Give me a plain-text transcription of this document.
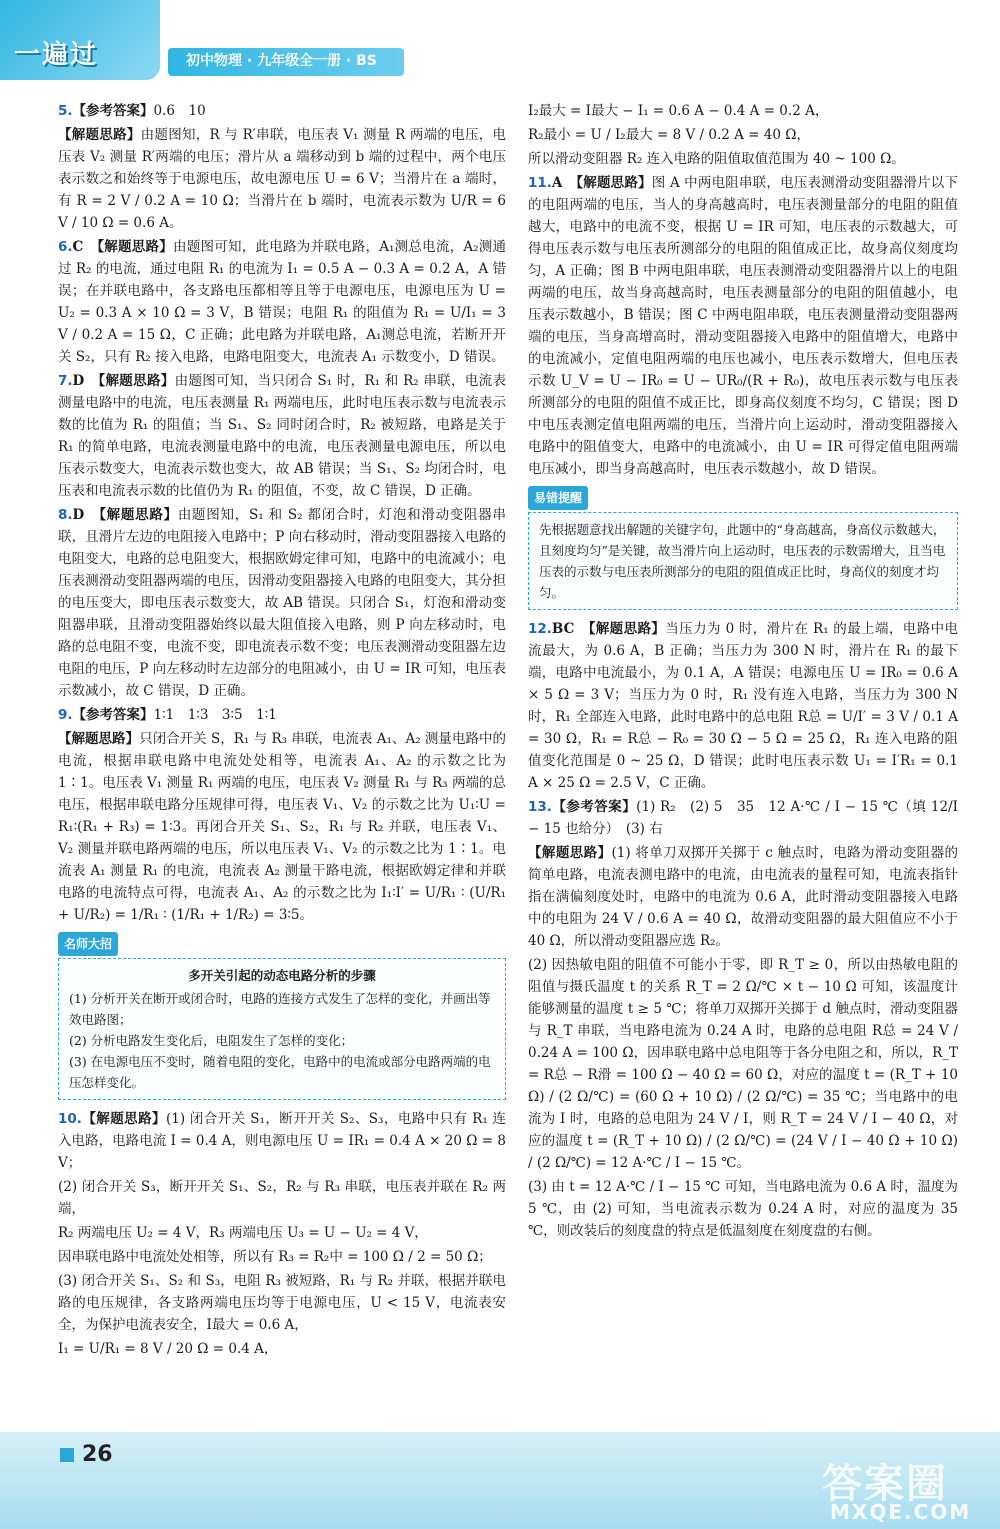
一遍过	初中物理 · 九年级全一册 · BS

5.【参考答案】0.6　10

【解题思路】由题图知，R 与 R′串联，电压表 V₁ 测量 R 两端的电压，电压表 V₂ 测量 R′两端的电压；滑片从 a 端移动到 b 端的过程中，两个电压表示数之和始终等于电源电压，故电源电压 U = 6 V；当滑片在 a 端时，有 R = 2 V / 0.2 A = 10 Ω；当滑片在 b 端时，电流表示数为 U/R = 6 V / 10 Ω = 0.6 A。

6.C　【解题思路】由题图可知，此电路为并联电路，A₁测总电流，A₂测通过 R₂ 的电流，通过电阻 R₁ 的电流为 I₁ = 0.5 A − 0.3 A = 0.2 A，A 错误；在并联电路中，各支路电压都相等且等于电源电压，电源电压为 U = U₂ = 0.3 A × 10 Ω = 3 V，B 错误；电阻 R₁ 的阻值为 R₁ = U/I₁ = 3 V / 0.2 A = 15 Ω，C 正确；此电路为并联电路，A₁测总电流，若断开开关 S₂，只有 R₂ 接入电路，电路电阻变大，电流表 A₁ 示数变小，D 错误。

7.D　【解题思路】由题图可知，当只闭合 S₁ 时，R₁ 和 R₂ 串联，电流表测量电路中的电流，电压表测量 R₁ 两端电压，此时电压表示数与电流表示数的比值为 R₁ 的阻值；当 S₁、S₂ 同时闭合时，R₂ 被短路，电路是关于 R₁ 的简单电路，电流表测量电路中的电流，电压表测量电源电压，所以电压表示数变大，电流表示数也变大，故 AB 错误；当 S₁、S₂ 均闭合时，电压表和电流表示数的比值仍为 R₁ 的阻值，不变，故 C 错误，D 正确。

8.D　【解题思路】由题图知，S₁ 和 S₂ 都闭合时，灯泡和滑动变阻器串联，且滑片左边的电阻接入电路中；P 向右移动时，滑动变阻器接入电路的电阻变大，电路的总电阻变大，根据欧姆定律可知，电路中的电流减小；电压表测滑动变阻器两端的电压，因滑动变阻器接入电路的电阻变大，其分担的电压变大，即电压表示数变大，故 AB 错误。只闭合 S₁，灯泡和滑动变阻器串联，且滑动变阻器始终以最大阻值接入电路，则 P 向左移动时，电路的总电阻不变，电流不变，即电流表示数不变；电压表测滑动变阻器左边电阻的电压，P 向左移动时左边部分的电阻减小，由 U = IR 可知，电压表示数减小，故 C 错误，D 正确。

9.【参考答案】1∶1　1∶3　3∶5　1∶1

【解题思路】只闭合开关 S，R₁ 与 R₃ 串联，电流表 A₁、A₂ 测量电路中的电流，根据串联电路中电流处处相等，电流表 A₁、A₂ 的示数之比为 1∶1。电压表 V₁ 测量 R₁ 两端的电压，电压表 V₂ 测量 R₁ 与 R₃ 两端的总电压，根据串联电路分压规律可得，电压表 V₁、V₂ 的示数之比为 U₁∶U = R₁∶(R₁ + R₃) = 1∶3。再闭合开关 S₁、S₂，R₁ 与 R₂ 并联，电压表 V₁、V₂ 测量并联电路两端的电压，所以电压表 V₁、V₂ 的示数之比为 1∶1。电流表 A₁ 测量 R₁ 的电流，电流表 A₂ 测量干路电流，根据欧姆定律和并联电路的电流特点可得，电流表 A₁、A₂ 的示数之比为 I₁∶I′ = U/R₁ ∶ (U/R₁ + U/R₂) = 1/R₁ ∶ (1/R₁ + 1/R₂) = 3∶5。

名师大招
多开关引起的动态电路分析的步骤
(1) 分析开关在断开或闭合时，电路的连接方式发生了怎样的变化，并画出等效电路图；
(2) 分析电路发生变化后，电阻发生了怎样的变化；
(3) 在电源电压不变时，随着电阻的变化，电路中的电流或部分电路两端的电压怎样变化。

10.【解题思路】(1) 闭合开关 S₁，断开开关 S₂、S₃，电路中只有 R₁ 连入电路，电路电流 I = 0.4 A，则电源电压 U = IR₁ = 0.4 A × 20 Ω = 8 V；

(2) 闭合开关 S₃，断开开关 S₁、S₂，R₂ 与 R₃ 串联，电压表并联在 R₂ 两端，

R₂ 两端电压 U₂ = 4 V，R₃ 两端电压 U₃ = U − U₂ = 4 V，

因串联电路中电流处处相等，所以有 R₃ = R₂中 = 100 Ω / 2 = 50 Ω；

(3) 闭合开关 S₁、S₂ 和 S₃，电阻 R₃ 被短路，R₁ 与 R₂ 并联，根据并联电路的电压规律，各支路两端电压均等于电源电压，U < 15 V，电流表安全，为保护电流表安全，I最大 = 0.6 A，

I₁ = U/R₁ = 8 V / 20 Ω = 0.4 A，

I₂最大 = I最大 − I₁ = 0.6 A − 0.4 A = 0.2 A，

R₂最小 = U / I₂最大 = 8 V / 0.2 A = 40 Ω，

所以滑动变阻器 R₂ 连入电路的阻值取值范围为 40 ~ 100 Ω。

11.A　【解题思路】图 A 中两电阻串联，电压表测滑动变阻器滑片以下的电阻两端的电压，当人的身高越高时，电压表测量部分的电阻的阻值越大，电路中的电流不变，根据 U = IR 可知，电压表的示数越大，可得电压表示数与电压表所测部分的电阻的阻值成正比，故身高仪刻度均匀，A 正确；图 B 中两电阻串联，电压表测滑动变阻器滑片以上的电阻两端的电压，故当身高越高时，电压表测量部分的电阻的阻值越小，电压表示数越小，B 错误；图 C 中两电阻串联，电压表测量滑动变阻器两端的电压，当身高增高时，滑动变阻器接入电路中的阻值增大，电路中的电流减小，定值电阻两端的电压也减小，电压表示数增大，但电压表示数 U_V = U − IR₀ = U − UR₀/(R + R₀)，故电压表示数与电压表所测部分的电阻的阻值不成正比，即身高仪刻度不均匀，C 错误；图 D 中电压表测定值电阻两端的电压，当滑片向上运动时，滑动变阻器接入电路中的阻值变大，电路中的电流减小，由 U = IR 可得定值电阻两端电压减小，即当身高越高时，电压表示数越小，故 D 错误。

易错提醒
先根据题意找出解题的关键字句，此题中的“身高越高，身高仪示数越大，且刻度均匀”是关键，故当滑片向上运动时，电压表的示数需增大，且当电压表的示数与电压表所测部分的电阻的阻值成正比时，身高仪的刻度才均匀。

12.BC　【解题思路】当压力为 0 时，滑片在 R₁ 的最上端，电路中电流最大，为 0.6 A，B 正确；当压力为 300 N 时，滑片在 R₁ 的最下端，电路中电流最小，为 0.1 A，A 错误；电源电压 U = IR₀ = 0.6 A × 5 Ω = 3 V；当压力为 0 时，R₁ 没有连入电路，当压力为 300 N 时，R₁ 全部连入电路，此时电路中的总电阻 R总 = U/I′ = 3 V / 0.1 A = 30 Ω，R₁ = R总 − R₀ = 30 Ω − 5 Ω = 25 Ω，R₁ 连入电路的阻值变化范围是 0 ~ 25 Ω，D 错误；此时电压表示数 U₁ = I′R₁ = 0.1 A × 25 Ω = 2.5 V，C 正确。

13.【参考答案】(1) R₂　(2) 5　35　12 A·℃ / I − 15 ℃（填 12/I − 15 也给分）　(3) 右

【解题思路】(1) 将单刀双掷开关掷于 c 触点时，电路为滑动变阻器的简单电路，电流表测电路中的电流，由电流表的量程可知，电流表指针指在满偏刻度处时，电路中的电流为 0.6 A，此时滑动变阻器接入电路中的电阻为 24 V / 0.6 A = 40 Ω，故滑动变阻器的最大阻值应不小于 40 Ω，所以滑动变阻器应选 R₂。

(2) 因热敏电阻的阻值不可能小于零，即 R_T ≥ 0，所以由热敏电阻的阻值与摄氏温度 t 的关系 R_T = 2 Ω/℃ × t − 10 Ω 可知，该温度计能够测量的温度 t ≥ 5 ℃；将单刀双掷开关掷于 d 触点时，滑动变阻器与 R_T 串联，当电路电流为 0.24 A 时，电路的总电阻 R总 = 24 V / 0.24 A = 100 Ω，因串联电路中总电阻等于各分电阻之和，所以，R_T = R总 − R滑 = 100 Ω − 40 Ω = 60 Ω，对应的温度 t = (R_T + 10 Ω) / (2 Ω/℃) = (60 Ω + 10 Ω) / (2 Ω/℃) = 35 ℃；当电路中的电流为 I 时，电路的总电阻为 24 V / I，则 R_T = 24 V / I − 40 Ω，对应的温度 t = (R_T + 10 Ω) / (2 Ω/℃) = (24 V / I − 40 Ω + 10 Ω) / (2 Ω/℃) = 12 A·℃ / I − 15 ℃。

(3) 由 t = 12 A·℃ / I − 15 ℃ 可知，当电路电流为 0.6 A 时，温度为 5 ℃，由 (2) 可知，当电流表示数为 0.24 A 时，对应的温度为 35 ℃，则改装后的刻度盘的特点是低温刻度在刻度盘的右侧。

26
答案圈
MXQE.COM
